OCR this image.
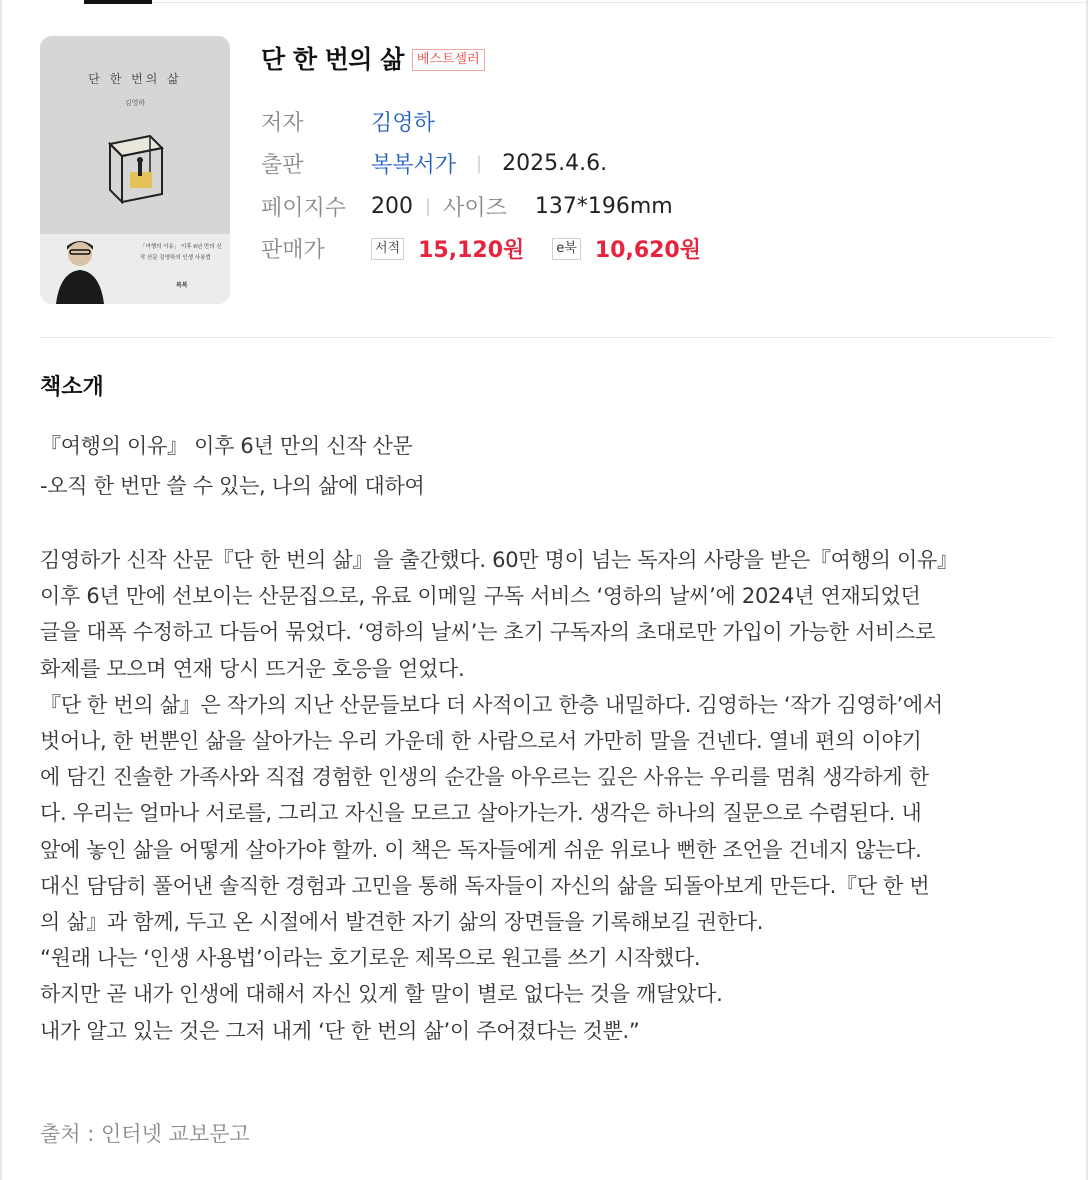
단 한 번의 삶
김영하
「여행의 이유」 이후 6년 만의 신작 산문 김영하의 인생 사용법
복복
단 한 번의 삶	베스트셀러
저자	김영하
출판	복복서가 | 2025.4.6.
페이지수	200 | 사이즈 137*196mm
판매가	서적 15,120원	e북 10,620원
책소개

『여행의 이유』 이후 6년 만의 신작 산문

-오직 한 번만 쓸 수 있는, 나의 삶에 대하여

김영하가 신작 산문『단 한 번의 삶』을 출간했다. 60만 명이 넘는 독자의 사랑을 받은『여행의 이유』

이후 6년 만에 선보이는 산문집으로, 유료 이메일 구독 서비스 ‘영하의 날씨’에 2024년 연재되었던

글을 대폭 수정하고 다듬어 묶었다. ‘영하의 날씨’는 초기 구독자의 초대로만 가입이 가능한 서비스로

화제를 모으며 연재 당시 뜨거운 호응을 얻었다.

『단 한 번의 삶』은 작가의 지난 산문들보다 더 사적이고 한층 내밀하다. 김영하는 ‘작가 김영하’에서

벗어나, 한 번뿐인 삶을 살아가는 우리 가운데 한 사람으로서 가만히 말을 건넨다. 열네 편의 이야기

에 담긴 진솔한 가족사와 직접 경험한 인생의 순간을 아우르는 깊은 사유는 우리를 멈춰 생각하게 한

다. 우리는 얼마나 서로를, 그리고 자신을 모르고 살아가는가. 생각은 하나의 질문으로 수렴된다. 내

앞에 놓인 삶을 어떻게 살아가야 할까. 이 책은 독자들에게 쉬운 위로나 뻔한 조언을 건네지 않는다.

대신 담담히 풀어낸 솔직한 경험과 고민을 통해 독자들이 자신의 삶을 되돌아보게 만든다.『단 한 번

의 삶』과 함께, 두고 온 시절에서 발견한 자기 삶의 장면들을 기록해보길 권한다.

“원래 나는 ‘인생 사용법’이라는 호기로운 제목으로 원고를 쓰기 시작했다.

하지만 곧 내가 인생에 대해서 자신 있게 할 말이 별로 없다는 것을 깨달았다.

내가 알고 있는 것은 그저 내게 ‘단 한 번의 삶’이 주어졌다는 것뿐.”

출처 : 인터넷 교보문고
